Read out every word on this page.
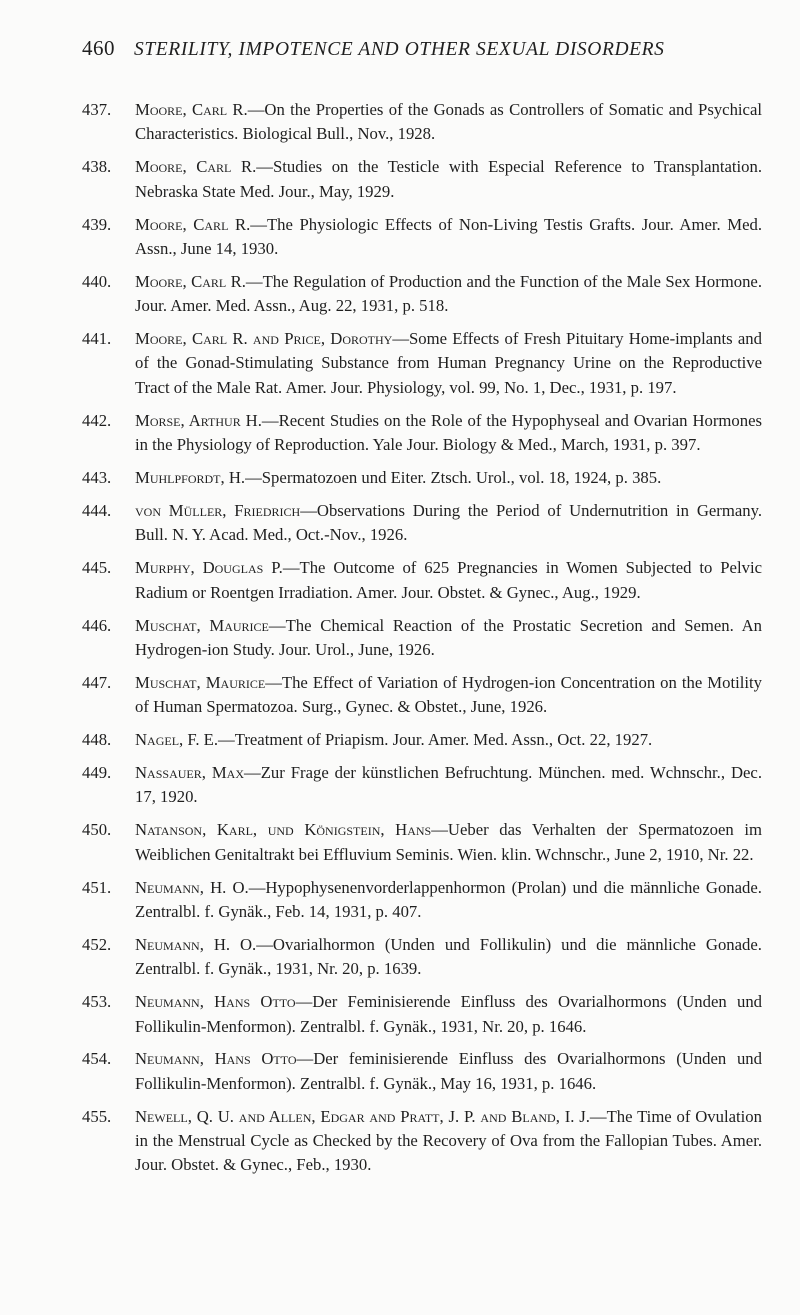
460 STERILITY, IMPOTENCE AND OTHER SEXUAL DISORDERS
437.	Moore, Carl R.—On the Properties of the Gonads as Controllers of Somatic and Psychical Characteristics. Biological Bull., Nov., 1928.
438.	Moore, Carl R.—Studies on the Testicle with Especial Reference to Transplantation. Nebraska State Med. Jour., May, 1929.
439.	Moore, Carl R.—The Physiologic Effects of Non-Living Testis Grafts. Jour. Amer. Med. Assn., June 14, 1930.
440.	Moore, Carl R.—The Regulation of Production and the Function of the Male Sex Hormone. Jour. Amer. Med. Assn., Aug. 22, 1931, p. 518.
441.	Moore, Carl R. and Price, Dorothy—Some Effects of Fresh Pituitary Home-implants and of the Gonad-Stimulating Substance from Human Pregnancy Urine on the Reproductive Tract of the Male Rat. Amer. Jour. Physiology, vol. 99, No. 1, Dec., 1931, p. 197.
442.	Morse, Arthur H.—Recent Studies on the Role of the Hypophyseal and Ovarian Hormones in the Physiology of Reproduction. Yale Jour. Biology & Med., March, 1931, p. 397.
443.	Muhlpfordt, H.—Spermatozoen und Eiter. Ztsch. Urol., vol. 18, 1924, p. 385.
444.	von Müller, Friedrich—Observations During the Period of Undernutrition in Germany. Bull. N. Y. Acad. Med., Oct.-Nov., 1926.
445.	Murphy, Douglas P.—The Outcome of 625 Pregnancies in Women Subjected to Pelvic Radium or Roentgen Irradiation. Amer. Jour. Obstet. & Gynec., Aug., 1929.
446.	Muschat, Maurice—The Chemical Reaction of the Prostatic Secretion and Semen. An Hydrogen-ion Study. Jour. Urol., June, 1926.
447.	Muschat, Maurice—The Effect of Variation of Hydrogen-ion Concentration on the Motility of Human Spermatozoa. Surg., Gynec. & Obstet., June, 1926.
448.	Nagel, F. E.—Treatment of Priapism. Jour. Amer. Med. Assn., Oct. 22, 1927.
449.	Nassauer, Max—Zur Frage der künstlichen Befruchtung. München. med. Wchnschr., Dec. 17, 1920.
450.	Natanson, Karl, und Königstein, Hans—Ueber das Verhalten der Spermatozoen im Weiblichen Genitaltrakt bei Effluvium Seminis. Wien. klin. Wchnschr., June 2, 1910, Nr. 22.
451.	Neumann, H. O.—Hypophysenenvorderlappenhormon (Prolan) und die männliche Gonade. Zentralbl. f. Gynäk., Feb. 14, 1931, p. 407.
452.	Neumann, H. O.—Ovarialhormon (Unden und Follikulin) und die männliche Gonade. Zentralbl. f. Gynäk., 1931, Nr. 20, p. 1639.
453.	Neumann, Hans Otto—Der Feminisierende Einfluss des Ovarialhormons (Unden und Follikulin-Menformon). Zentralbl. f. Gynäk., 1931, Nr. 20, p. 1646.
454.	Neumann, Hans Otto—Der feminisierende Einfluss des Ovarialhormons (Unden und Follikulin-Menformon). Zentralbl. f. Gynäk., May 16, 1931, p. 1646.
455.	Newell, Q. U. and Allen, Edgar and Pratt, J. P. and Bland, I. J.—The Time of Ovulation in the Menstrual Cycle as Checked by the Recovery of Ova from the Fallopian Tubes. Amer. Jour. Obstet. & Gynec., Feb., 1930.
